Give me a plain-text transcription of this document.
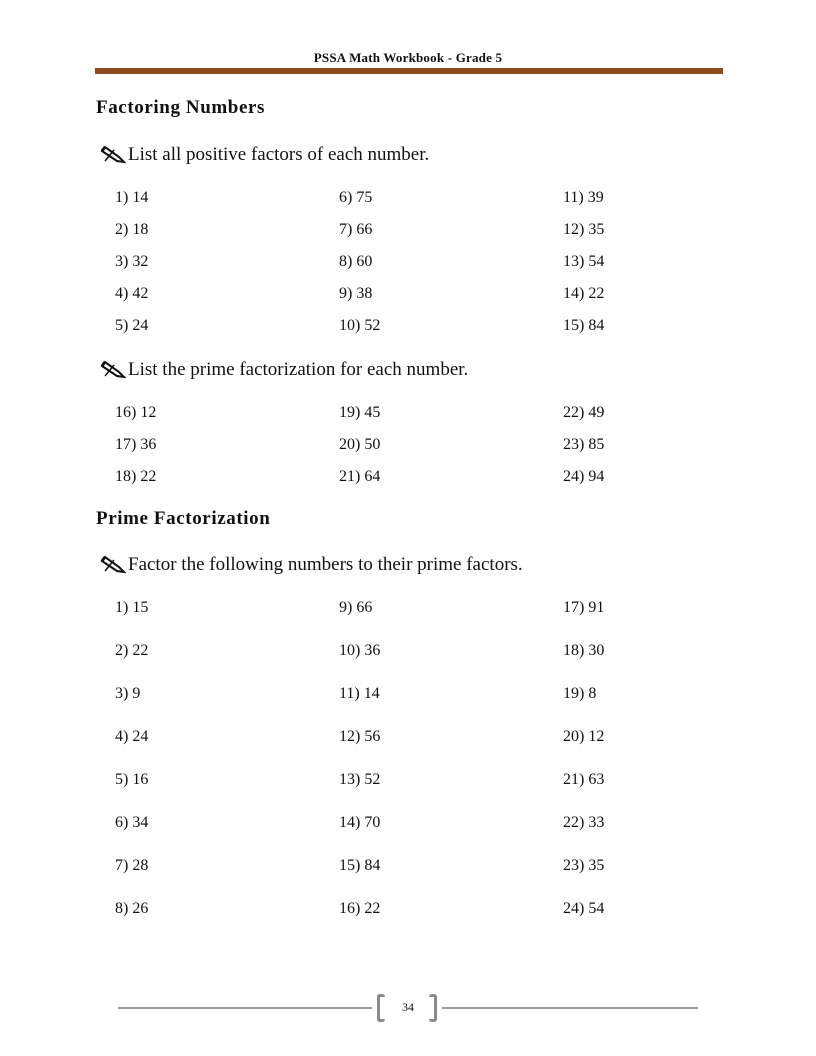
PSSA Math Workbook - Grade 5
Factoring Numbers
List all positive factors of each number.
1) 14	6) 75	11) 39
2) 18	7) 66	12) 35
3) 32	8) 60	13) 54
4) 42	9) 38	14) 22
5) 24	10) 52	15) 84
List the prime factorization for each number.
16) 12	19) 45	22) 49
17) 36	20) 50	23) 85
18) 22	21) 64	24) 94
Prime Factorization
Factor the following numbers to their prime factors.
1) 15	9) 66	17) 91
2) 22	10) 36	18) 30
3) 9	11) 14	19) 8
4) 24	12) 56	20) 12
5) 16	13) 52	21) 63
6) 34	14) 70	22) 33
7) 28	15) 84	23) 35
8) 26	16) 22	24) 54
34
